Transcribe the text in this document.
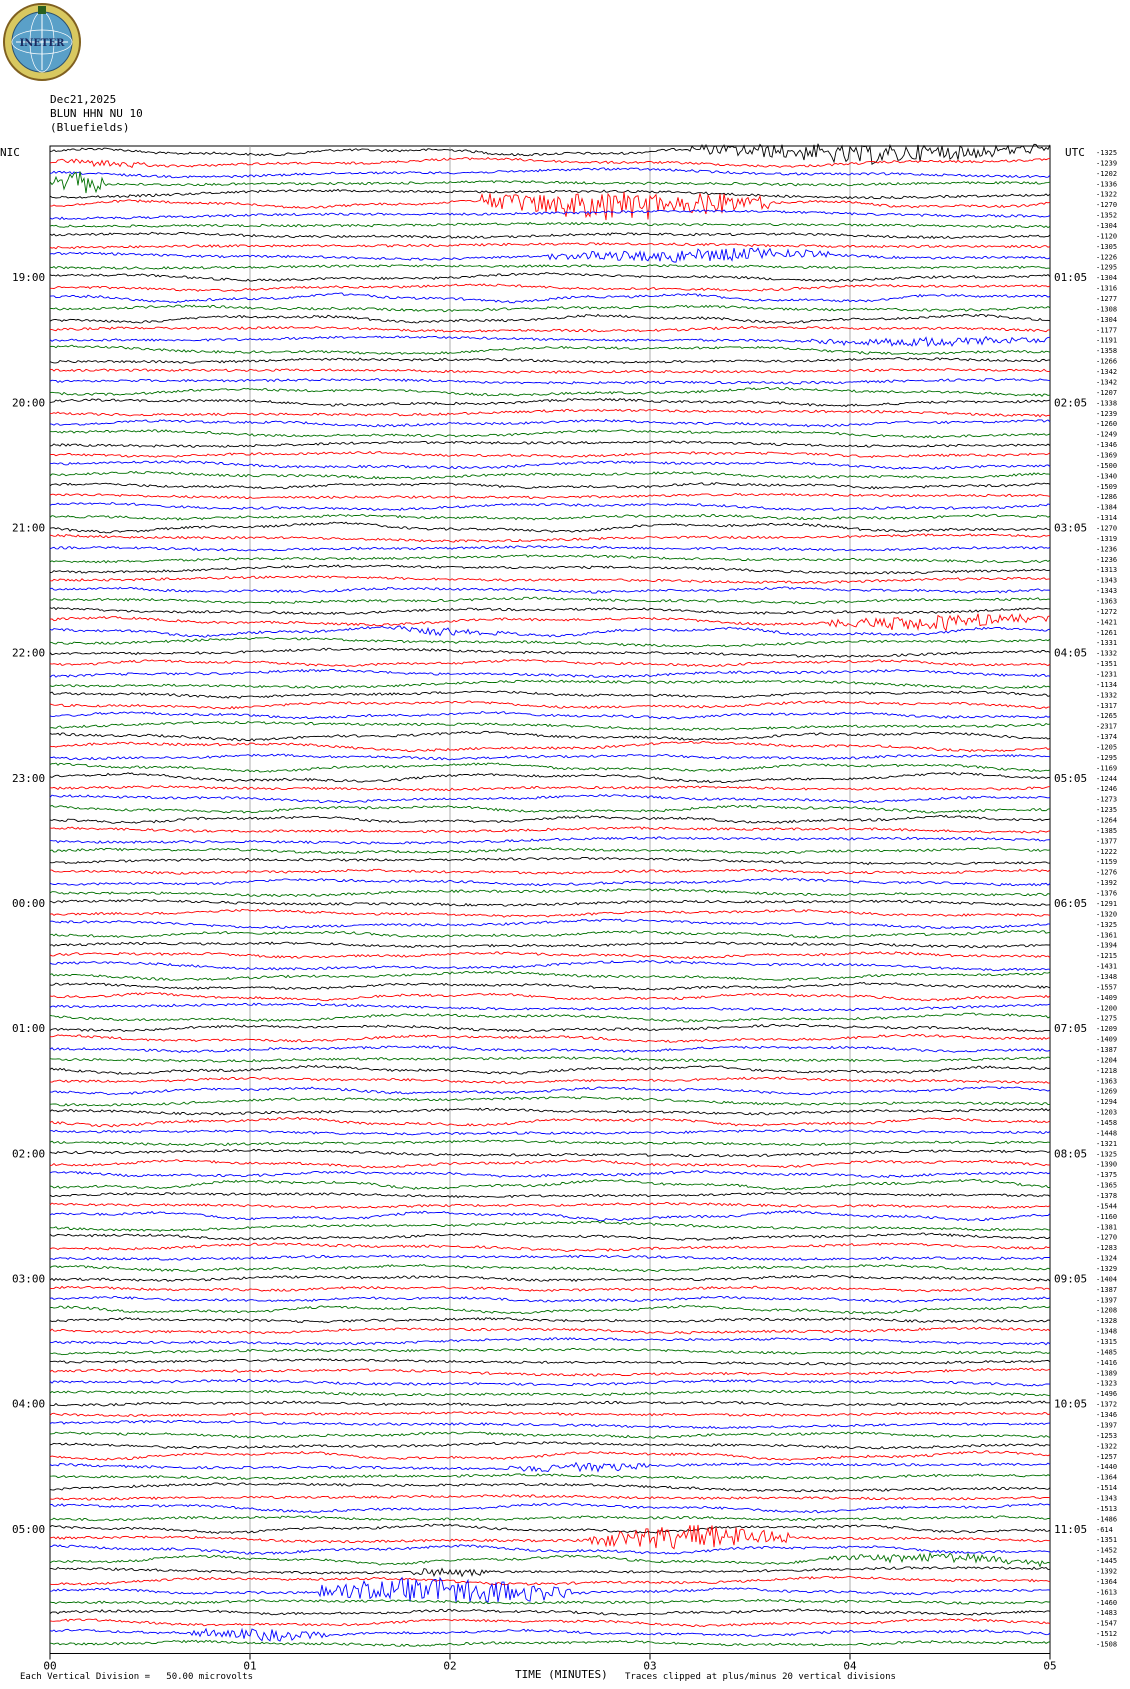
INETER
Dec21,2025
BLUN HHN NU 10
(Bluefields)
00	01	02	03	04	05
NIC	UTC
19:00	01:05
20:00	02:05
21:00	03:05
22:00	04:05
23:00	05:05
00:00	06:05
01:00	07:05
02:00	08:05
03:00	09:05
04:00	10:05
05:00	11:05
-1325
-1239
-1202
-1336
-1322
-1270
-1352
-1304
-1120
-1305
-1226
-1295
-1304
-1316
-1277
-1308
-1304
-1177
-1191
-1358
-1266
-1342
-1342
-1207
-1338
-1239
-1260
-1249
-1346
-1369
-1500
-1340
-1509
-1286
-1384
-1314
-1270
-1319
-1236
-1236
-1313
-1343
-1343
-1363
-1272
-1421
-1261
-1331
-1332
-1351
-1231
-1134
-1332
-1317
-1265
-2317
-1374
-1205
-1295
-1169
-1244
-1246
-1273
-1235
-1264
-1385
-1377
-1222
-1159
-1276
-1392
-1376
-1291
-1320
-1325
-1361
-1394
-1215
-1431
-1348
-1557
-1409
-1200
-1275
-1209
-1409
-1387
-1204
-1218
-1363
-1269
-1294
-1203
-1458
-1448
-1321
-1325
-1390
-1375
-1365
-1378
-1544
-1160
-1381
-1270
-1283
-1324
-1329
-1404
-1387
-1397
-1208
-1328
-1348
-1315
-1485
-1416
-1389
-1323
-1496
-1372
-1346
-1397
-1253
-1322
-1257
-1440
-1364
-1514
-1343
-1513
-1486
-614
-1351
-1452
-1445
-1392
-1364
-1613
-1460
-1483
-1547
-1512
-1508
Each Vertical Division =   50.00 microvolts	TIME (MINUTES) Traces clipped at plus/minus 20 vertical divisions
